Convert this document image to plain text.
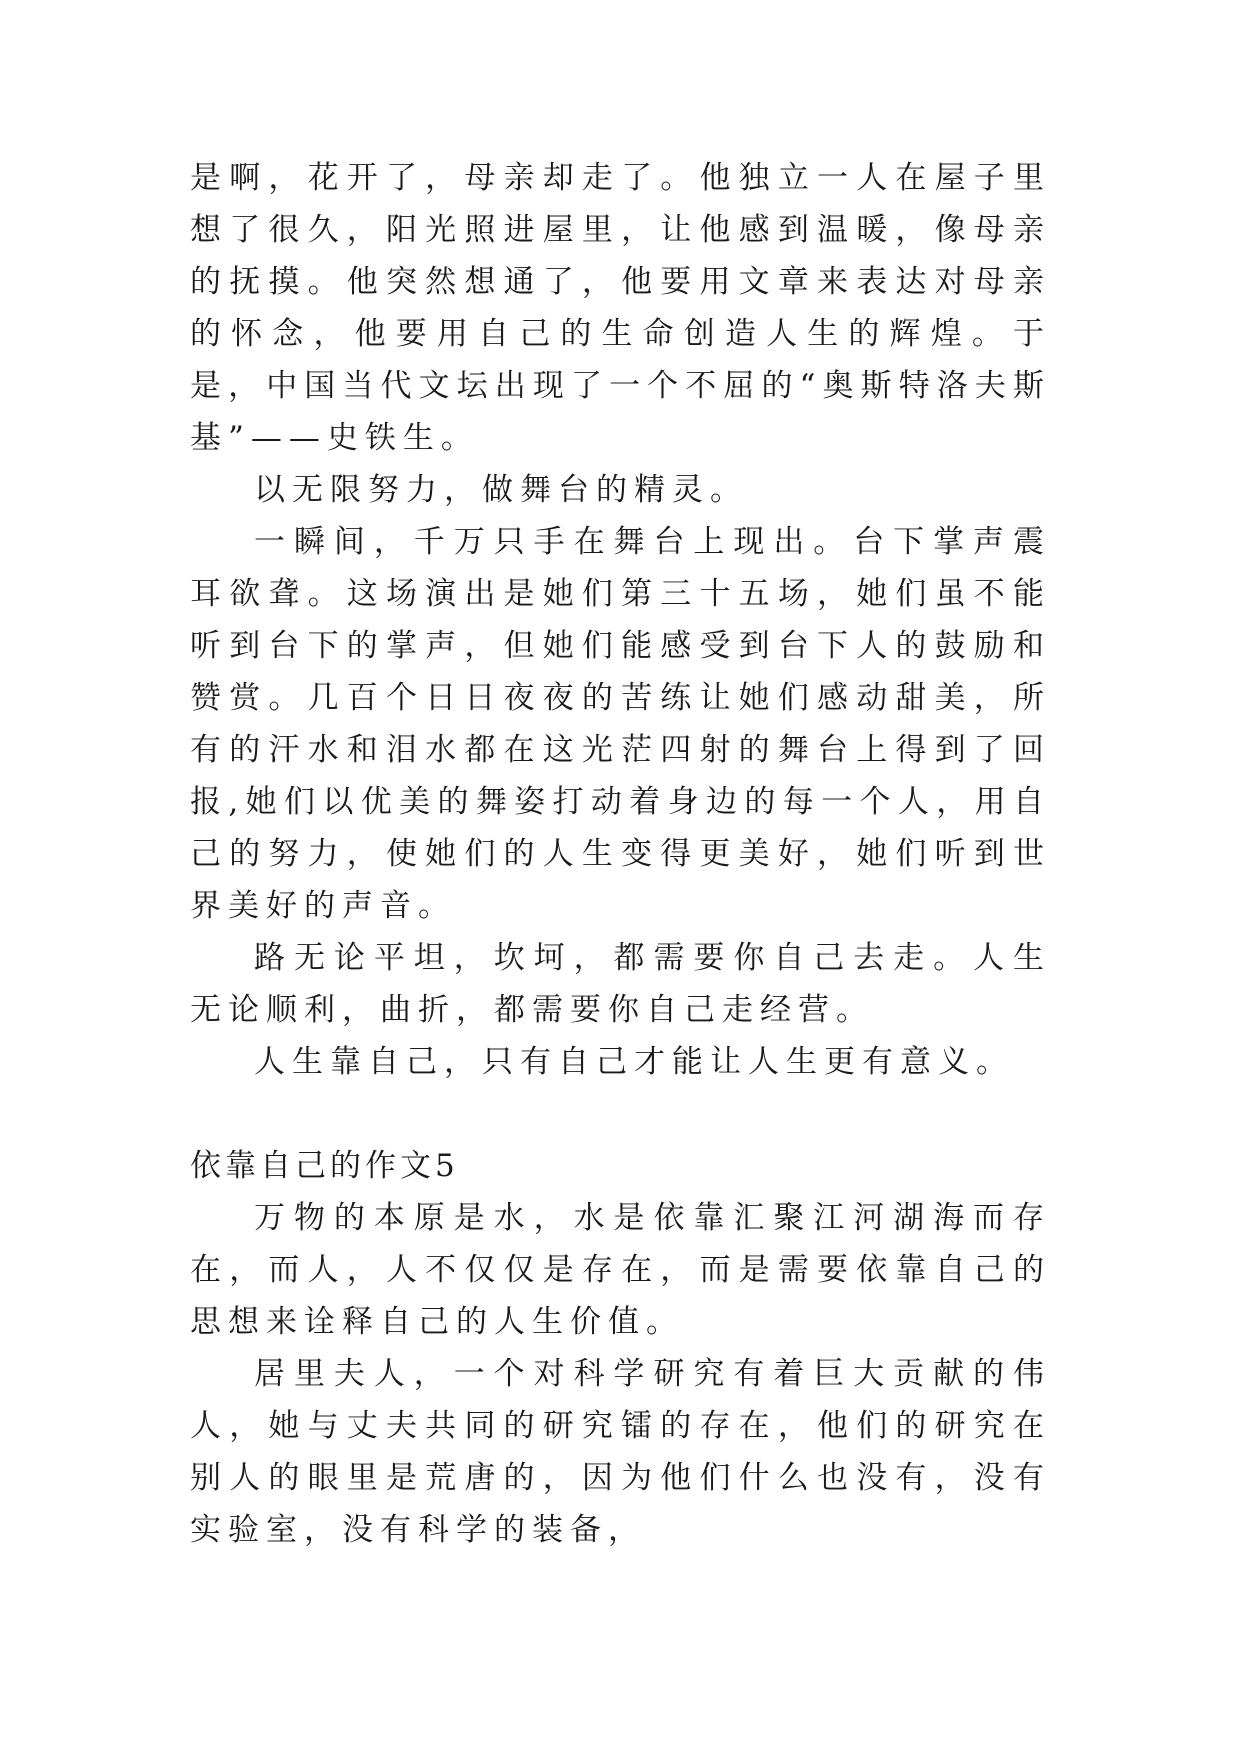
是啊，花开了，母亲却走了。他独立一人在屋子里想了很久，阳光照进屋里，让他感到温暖，像母亲的抚摸。他突然想通了，他要用文章来表达对母亲的怀念，他要用自己的生命创造人生的辉煌。于是，中国当代文坛出现了一个不屈的“奥斯特洛夫斯基”——史铁生。

以无限努力，做舞台的精灵。

一瞬间，千万只手在舞台上现出。台下掌声震耳欲聋。这场演出是她们第三十五场，她们虽不能听到台下的掌声，但她们能感受到台下人的鼓励和赞赏。几百个日日夜夜的苦练让她们感动甜美，所有的汗水和泪水都在这光茫四射的舞台上得到了回报,她们以优美的舞姿打动着身边的每一个人，用自己的努力，使她们的人生变得更美好，她们听到世界美好的声音。

路无论平坦，坎坷，都需要你自己去走。人生无论顺利，曲折，都需要你自己走经营。

人生靠自己，只有自己才能让人生更有意义。

依靠自己的作文5

万物的本原是水，水是依靠汇聚江河湖海而存在，而人，人不仅仅是存在，而是需要依靠自己的思想来诠释自己的人生价值。

居里夫人，一个对科学研究有着巨大贡献的伟人，她与丈夫共同的研究镭的存在，他们的研究在别人的眼里是荒唐的，因为他们什么也没有，没有实验室，没有科学的装备，
